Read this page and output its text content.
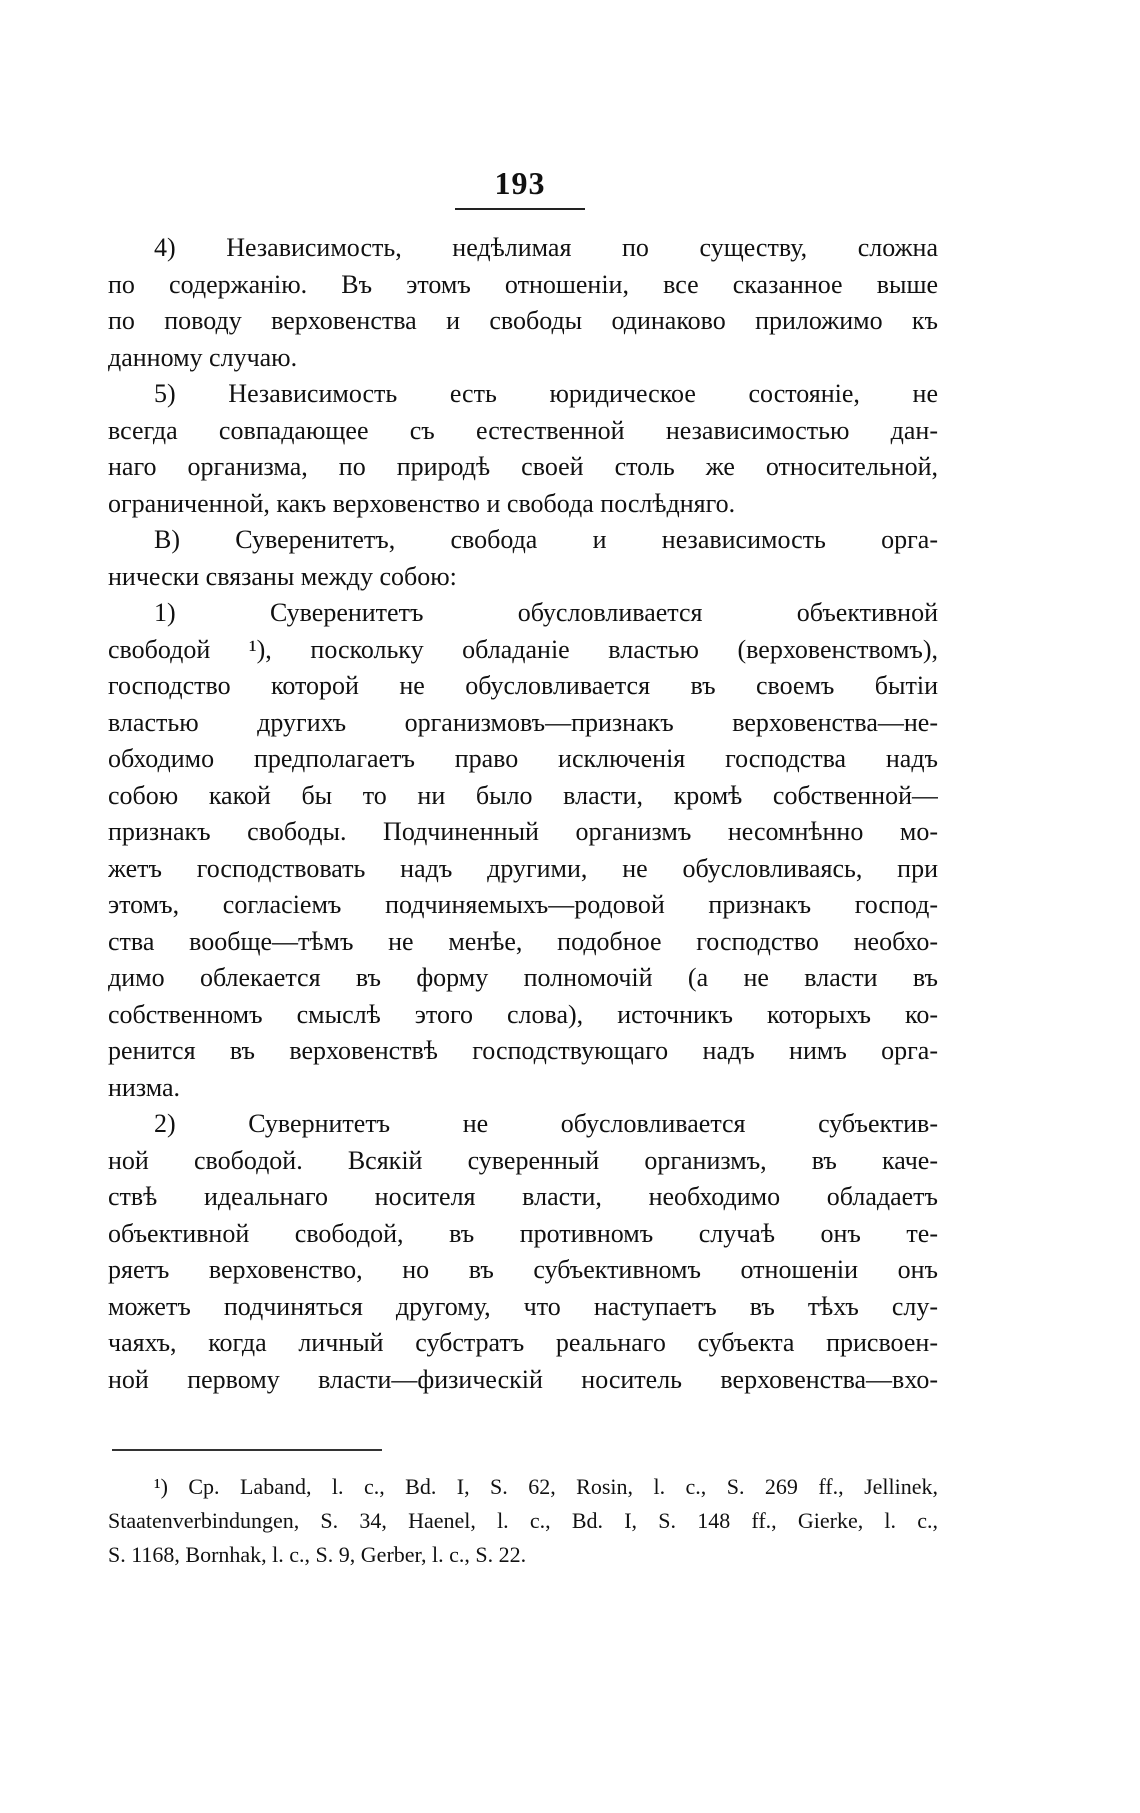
193
4) Независимость, недѣлимая по существу, сложна
по содержанію. Въ этомъ отношеніи, все сказанное выше
по поводу верховенства и свободы одинаково приложимо къ
данному случаю.
5) Независимость есть юридическое состояніе, не
всегда совпадающее съ естественной независимостью дан-
наго организма, по природѣ своей столь же относительной,
ограниченной, какъ верховенство и свобода послѣдняго.
В) Суверенитетъ, свобода и независимость орга-
нически связаны между собою:
1) Суверенитетъ обусловливается объективной
свободой ¹), поскольку обладаніе властью (верховенствомъ),
господство которой не обусловливается въ своемъ бытіи
властью другихъ организмовъ—признакъ верховенства—не-
обходимо предполагаетъ право исключенія господства надъ
собою какой бы то ни было власти, кромѣ собственной—
признакъ свободы. Подчиненный организмъ несомнѣнно мо-
жетъ господствовать надъ другими, не обусловливаясь, при
этомъ, согласіемъ подчиняемыхъ—родовой признакъ господ-
ства вообще—тѣмъ не менѣе, подобное господство необхо-
димо облекается въ форму полномочій (а не власти въ
собственномъ смыслѣ этого слова), источникъ которыхъ ко-
ренится въ верховенствѣ господствующаго надъ нимъ орга-
низма.
2) Сувернитетъ не обусловливается субъектив-
ной свободой. Всякій суверенный организмъ, въ каче-
ствѣ идеальнаго носителя власти, необходимо обладаетъ
объективной свободой, въ противномъ случаѣ онъ те-
ряетъ верховенство, но въ субъективномъ отношеніи онъ
можетъ подчиняться другому, что наступаетъ въ тѣхъ слу-
чаяхъ, когда личный субстратъ реальнаго субъекта присвоен-
ной первому власти—физическій носитель верховенства—вхо-
¹) Cp. Laband, l. c., Bd. I, S. 62, Rosin, l. c., S. 269 ff., Jellinek,
Staatenverbindungen, S. 34, Haenel, l. c., Bd. I, S. 148 ff., Gierke, l. c.,
S. 1168, Bornhak, l. c., S. 9, Gerber, l. c., S. 22.
